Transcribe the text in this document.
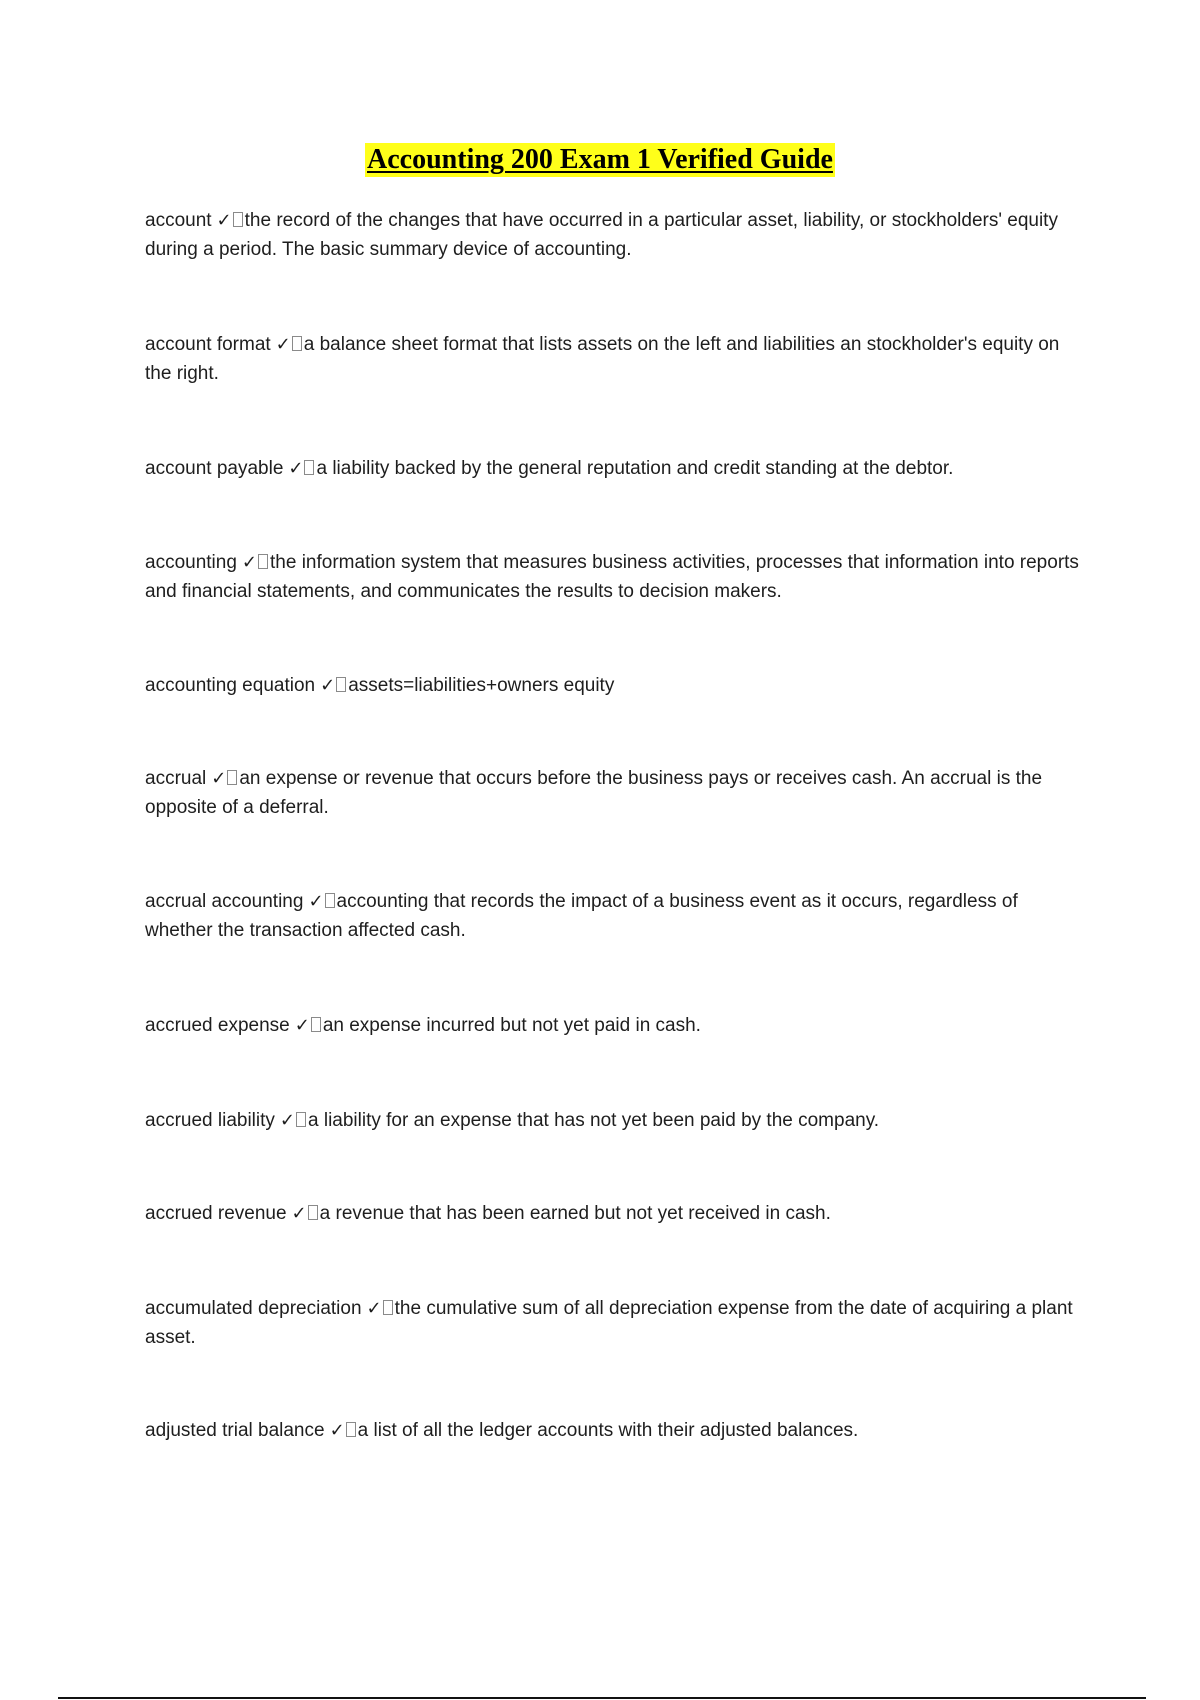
Accounting 200 Exam 1 Verified Guide
account ✓ the record of the changes that have occurred in a particular asset, liability, or stockholders' equity during a period. The basic summary device of accounting.
account format ✓ a balance sheet format that lists assets on the left and liabilities an stockholder's equity on the right.
account payable ✓ a liability backed by the general reputation and credit standing at the debtor.
accounting ✓ the information system that measures business activities, processes that information into reports and financial statements, and communicates the results to decision makers.
accounting equation ✓ assets=liabilities+owners equity
accrual ✓ an expense or revenue that occurs before the business pays or receives cash. An accrual is the opposite of a deferral.
accrual accounting ✓ accounting that records the impact of a business event as it occurs, regardless of whether the transaction affected cash.
accrued expense ✓ an expense incurred but not yet paid in cash.
accrued liability ✓ a liability for an expense that has not yet been paid by the company.
accrued revenue ✓ a revenue that has been earned but not yet received in cash.
accumulated depreciation ✓ the cumulative sum of all depreciation expense from the date of acquiring a plant asset.
adjusted trial balance ✓ a list of all the ledger accounts with their adjusted balances.
